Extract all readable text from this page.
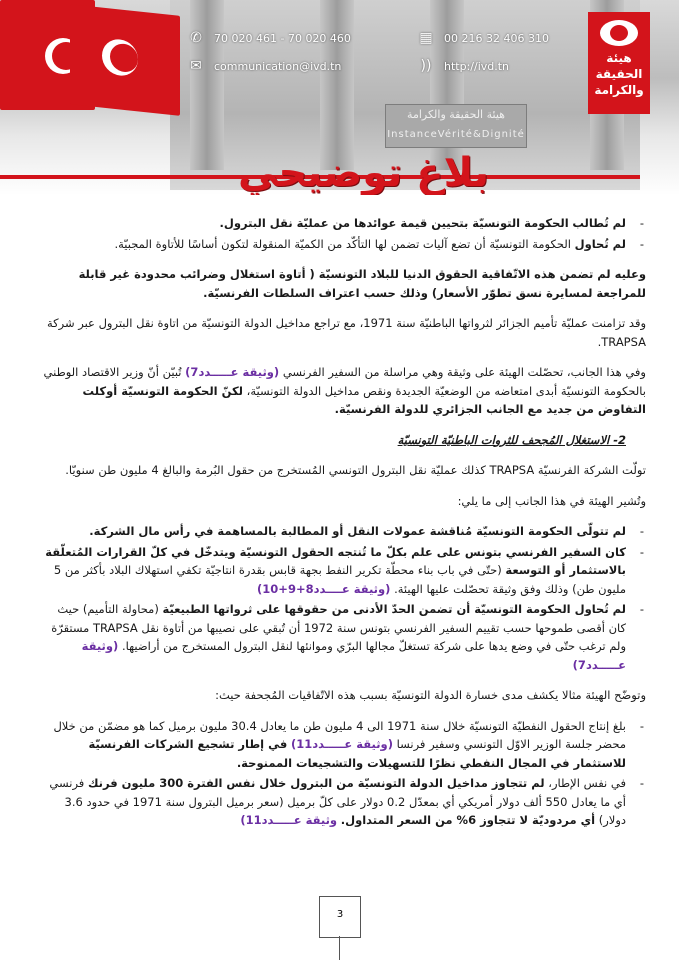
هيئة الحقيقة والكرامة
InstanceVérité&Dignité
✆	70 020 461 - 70 020 460	▦	00 216 32 406 310
✉	communication@ivd.tn	))	http://ivd.tn
هيئة
الحقيقة
والكرامة
بلاغ توضيحي
- لم تُطالب الحكومة التونسيّة بتحيين قيمة عوائدها من عمليّة نقل البترول.
- لم تُحاول الحكومة التونسيّة أن تضع آليات تضمن لها التأكّد من الكميّة المنقولة لتكون أساسًا للأتاوة المجبيّة.

وعليه لم تضمن هذه الاتّفاقية الحقوق الدنيا للبلاد التونسيّة ( أتاوة استغلال وضرائب محدودة غير قابلة للمراجعة لمسايرة نسق تطوّر الأسعار) وذلك حسب اعتراف السلطات الفرنسيّة.

وقد تزامنت عمليّة تأميم الجزائر لثرواتها الباطنيّة سنة 1971، مع تراجع مداخيل الدولة التونسيّة من اتاوة نقل البترول عبر شركة TRAPSA.

وفي هذا الجانب، تحصّلت الهيئة على وثيقة وهي مراسلة من السفير الفرنسي (وثيقة عـــــدد7) تُبيّن أنّ وزير الاقتصاد الوطني بالحكومة التونسيّة أبدى امتعاضه من الوضعيّة الجديدة ونقص مداخيل الدولة التونسيّة، لكنّ الحكومة التونسيّة أوكلت التفاوض من جديد مع الجانب الجزائري للدولة الفرنسيّة.

2- الاستغلال المُجحف للثروات الباطنيّة التونسيّة

تولّت الشركة الفرنسيّة TRAPSA كذلك عمليّة نقل البترول التونسي المُستخرج من حقول البُرمة والبالغ 4 مليون طن سنويّا.

وتُشير الهيئة في هذا الجانب إلى ما يلي:

- لم تتولّى الحكومة التونسيّة مُناقشة عمولات النقل أو المطالبة بالمساهمة في رأس مال الشركة.
- كان السفير الفرنسي بتونس على علم بكلّ ما تُنتجه الحقول التونسيّة ويتدخّل في كلّ القرارات المُتعلّقة بالاستثمار أو التوسعة (حتّى في باب بناء محطّة تكرير النفط بجهة قابس بقدرة انتاجيّة تكفي استهلاك البلاد بأكثر من 5 مليون طن) وذلك وفق وثيقة تحصّلت عليها الهيئة. (وثيقة عــــدد8+9+10)
- لم تُحاول الحكومة التونسيّة أن تضمن الحدّ الأدنى من حقوقها على ثرواتها الطبيعيّة (محاولة التأميم) حيث كان أقصى طموحها حسب تقييم السفير الفرنسي بتونس سنة 1972 أن تُبقي على نصيبها من أتاوة نقل TRAPSA مستقرّة ولم ترغب حتّى في وضع يدها على شركة تستغلّ مجالها البرّي وموانئها لنقل البترول المستخرج من أراضيها. (وثيقة عـــــدد7)

وتوضّح الهيئة مثالا يكشف مدى خسارة الدولة التونسيّة بسبب هذه الاتّفاقيات المُجحفة حيث:

- بلغ إنتاج الحقول النفطيّة التونسيّة خلال سنة 1971 الى 4 مليون طن ما يعادل 30.4 مليون برميل كما هو مضمّن من خلال محضر جلسة الوزير الاوّل التونسي وسفير فرنسا (وثيقة عـــــدد11) في إطار تشجيع الشركات الفرنسيّة للاستثمار في المجال النفطي نظرًا للتسهيلات والتشجيعات الممنوحة.
- في نفس الإطار، لم تتجاوز مداخيل الدولة التونسيّة من البترول خلال نفس الفترة 300 مليون فرنك فرنسي أي ما يعادل 550 ألف دولار أمريكي أي بمعدّل 0.2 دولار على كلّ برميل (سعر برميل البترول سنة 1971 في حدود 3.6 دولار) أي مردوديّة لا تتجاوز 6% من السعر المتداول. وثيقة عـــــدد11)
3
